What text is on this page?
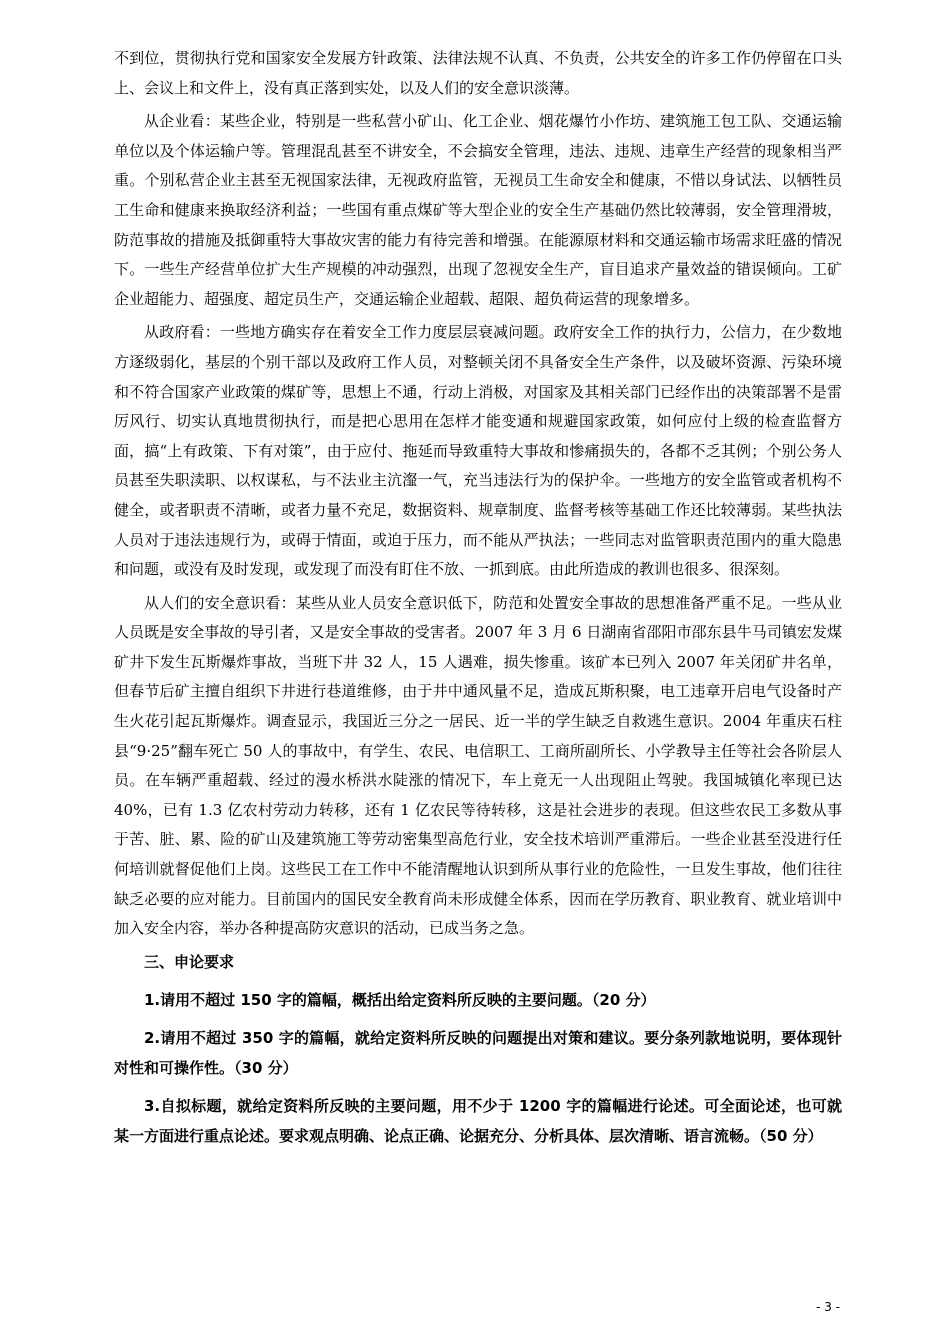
不到位，贯彻执行党和国家安全发展方针政策、法律法规不认真、不负责，公共安全的许多工作仍停留在口头上、会议上和文件上，没有真正落到实处，以及人们的安全意识淡薄。

从企业看：某些企业，特别是一些私营小矿山、化工企业、烟花爆竹小作坊、建筑施工包工队、交通运输单位以及个体运输户等。管理混乱甚至不讲安全，不会搞安全管理，违法、违规、违章生产经营的现象相当严重。个别私营企业主甚至无视国家法律，无视政府监管，无视员工生命安全和健康，不惜以身试法、以牺牲员工生命和健康来换取经济利益；一些国有重点煤矿等大型企业的安全生产基础仍然比较薄弱，安全管理滑坡，防范事故的措施及抵御重特大事故灾害的能力有待完善和增强。在能源原材料和交通运输市场需求旺盛的情况下。一些生产经营单位扩大生产规模的冲动强烈，出现了忽视安全生产，盲目追求产量效益的错误倾向。工矿企业超能力、超强度、超定员生产，交通运输企业超载、超限、超负荷运营的现象增多。

从政府看：一些地方确实存在着安全工作力度层层衰减问题。政府安全工作的执行力，公信力，在少数地方逐级弱化，基层的个别干部以及政府工作人员，对整顿关闭不具备安全生产条件，以及破坏资源、污染环境和不符合国家产业政策的煤矿等，思想上不通，行动上消极，对国家及其相关部门已经作出的决策部署不是雷厉风行、切实认真地贯彻执行，而是把心思用在怎样才能变通和规避国家政策，如何应付上级的检查监督方面，搞“上有政策、下有对策”，由于应付、拖延而导致重特大事故和惨痛损失的，各都不乏其例；个别公务人员甚至失职渎职、以权谋私，与不法业主沆瀣一气，充当违法行为的保护伞。一些地方的安全监管或者机构不健全，或者职责不清晰，或者力量不充足，数据资料、规章制度、监督考核等基础工作还比较薄弱。某些执法人员对于违法违规行为，或碍于情面，或迫于压力，而不能从严执法；一些同志对监管职责范围内的重大隐患和问题，或没有及时发现，或发现了而没有盯住不放、一抓到底。由此所造成的教训也很多、很深刻。

从人们的安全意识看：某些从业人员安全意识低下，防范和处置安全事故的思想准备严重不足。一些从业人员既是安全事故的导引者，又是安全事故的受害者。2007 年 3 月 6 日湖南省邵阳市邵东县牛马司镇宏发煤矿井下发生瓦斯爆炸事故，当班下井 32 人，15 人遇难，损失惨重。该矿本已列入 2007 年关闭矿井名单，但春节后矿主擅自组织下井进行巷道维修，由于井中通风量不足，造成瓦斯积聚，电工违章开启电气设备时产生火花引起瓦斯爆炸。调查显示，我国近三分之一居民、近一半的学生缺乏自救逃生意识。2004 年重庆石柱县“9·25”翻车死亡 50 人的事故中，有学生、农民、电信职工、工商所副所长、小学教导主任等社会各阶层人员。在车辆严重超载、经过的漫水桥洪水陡涨的情况下，车上竟无一人出现阻止驾驶。我国城镇化率现已达 40%，已有 1.3 亿农村劳动力转移，还有 1 亿农民等待转移，这是社会进步的表现。但这些农民工多数从事于苦、脏、累、险的矿山及建筑施工等劳动密集型高危行业，安全技术培训严重滞后。一些企业甚至没进行任何培训就督促他们上岗。这些民工在工作中不能清醒地认识到所从事行业的危险性，一旦发生事故，他们往往缺乏必要的应对能力。目前国内的国民安全教育尚未形成健全体系，因而在学历教育、职业教育、就业培训中加入安全内容，举办各种提高防灾意识的活动，已成当务之急。

三、申论要求

1.请用不超过 150 字的篇幅，概括出给定资料所反映的主要问题。（20 分）

2.请用不超过 350 字的篇幅，就给定资料所反映的问题提出对策和建议。要分条列款地说明，要体现针对性和可操作性。（30 分）

3.自拟标题，就给定资料所反映的主要问题，用不少于 1200 字的篇幅进行论述。可全面论述，也可就某一方面进行重点论述。要求观点明确、论点正确、论据充分、分析具体、层次清晰、语言流畅。（50 分）

- 3 -
